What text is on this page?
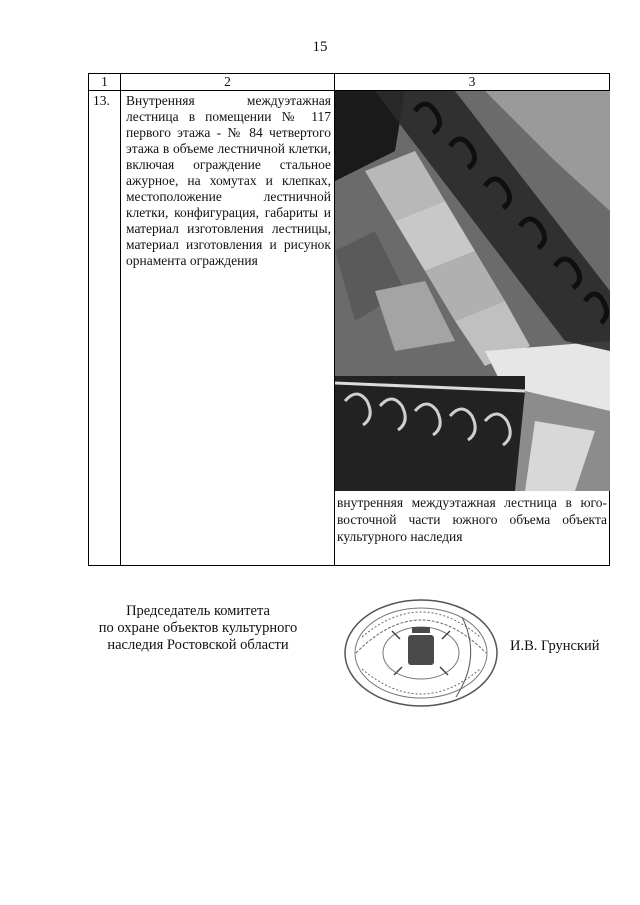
15
1	2	3
13.	Внутренняя междуэтажная лестница в помещении № 117 первого этажа - № 84 четвертого этажа в объеме лестничной клетки, включая ограждение стальное ажурное, на хомутах и клепках, местоположение лестничной клетки, конфигурация, габариты и материал изготовления лестницы, материал изготовления и рисунок орнамента ограждения	внутренняя междуэтажная лестница в юго-восточной части южного объема объекта культурного наследия
Председатель комитета
по охране объектов культурного
наследия Ростовской области	И.В. Грунский
